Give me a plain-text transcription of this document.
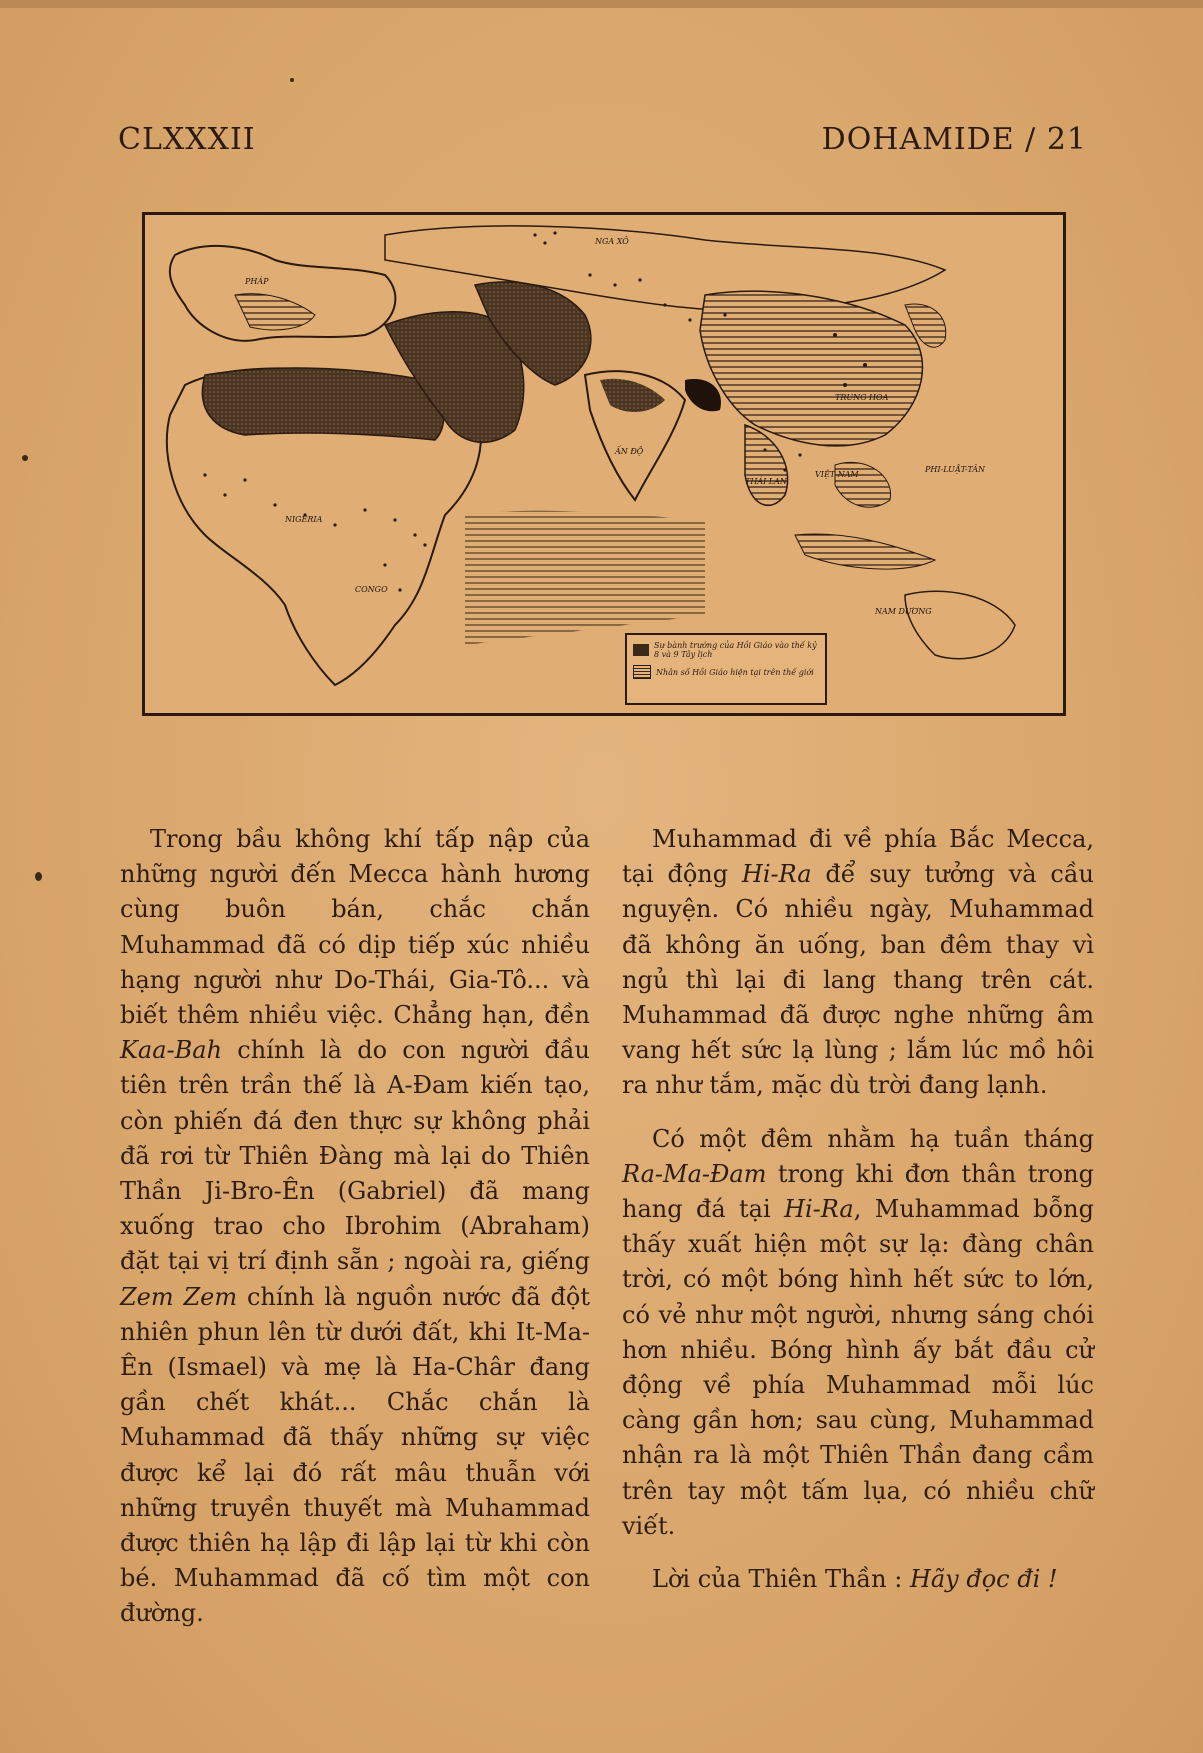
CLXXXII	DOHAMIDE / 21
NGA XÔ
PHÁP
TRUNG HOA
CONGO
NIGERIA
ẤN ĐỘ
THÁI LAN
VIỆT NAM
PHI-LUẬT-TÂN
NAM DƯƠNG
Sự bành trướng của Hồi Giáo vào thế kỷ 8 và 9 Tây lịch
Nhân số Hồi Giáo hiện tại trên thế giới

Trong bầu không khí tấp nập của những người đến Mecca hành hương cùng buôn bán, chắc chắn Muhammad đã có dịp tiếp xúc nhiều hạng người như Do-Thái, Gia-Tô... và biết thêm nhiều việc. Chẳng hạn, đền Kaa-Bah chính là do con người đầu tiên trên trần thế là A-Đam kiến tạo, còn phiến đá đen thực sự không phải đã rơi từ Thiên Đàng mà lại do Thiên Thần Ji-Bro-Ên (Gabriel) đã mang xuống trao cho Ibrohim (Abraham) đặt tại vị trí định sẵn ; ngoài ra, giếng Zem Zem chính là nguồn nước đã đột nhiên phun lên từ dưới đất, khi It-Ma-Ên (Ismael) và mẹ là Ha-Châr đang gần chết khát... Chắc chắn là Muhammad đã thấy những sự việc được kể lại đó rất mâu thuẫn với những truyền thuyết mà Muhammad được thiên hạ lập đi lập lại từ khi còn bé. Muhammad đã cố tìm một con đường.

Muhammad đi về phía Bắc Mecca, tại động Hi-Ra để suy tưởng và cầu nguyện. Có nhiều ngày, Muhammad đã không ăn uống, ban đêm thay vì ngủ thì lại đi lang thang trên cát. Muhammad đã được nghe những âm vang hết sức lạ lùng ; lắm lúc mồ hôi ra như tắm, mặc dù trời đang lạnh.

Có một đêm nhằm hạ tuần tháng Ra-Ma-Đam trong khi đơn thân trong hang đá tại Hi-Ra, Muhammad bỗng thấy xuất hiện một sự lạ: đàng chân trời, có một bóng hình hết sức to lớn, có vẻ như một người, nhưng sáng chói hơn nhiều. Bóng hình ấy bắt đầu cử động về phía Muhammad mỗi lúc càng gần hơn; sau cùng, Muhammad nhận ra là một Thiên Thần đang cầm trên tay một tấm lụa, có nhiều chữ viết.

Lời của Thiên Thần : Hãy đọc đi !
